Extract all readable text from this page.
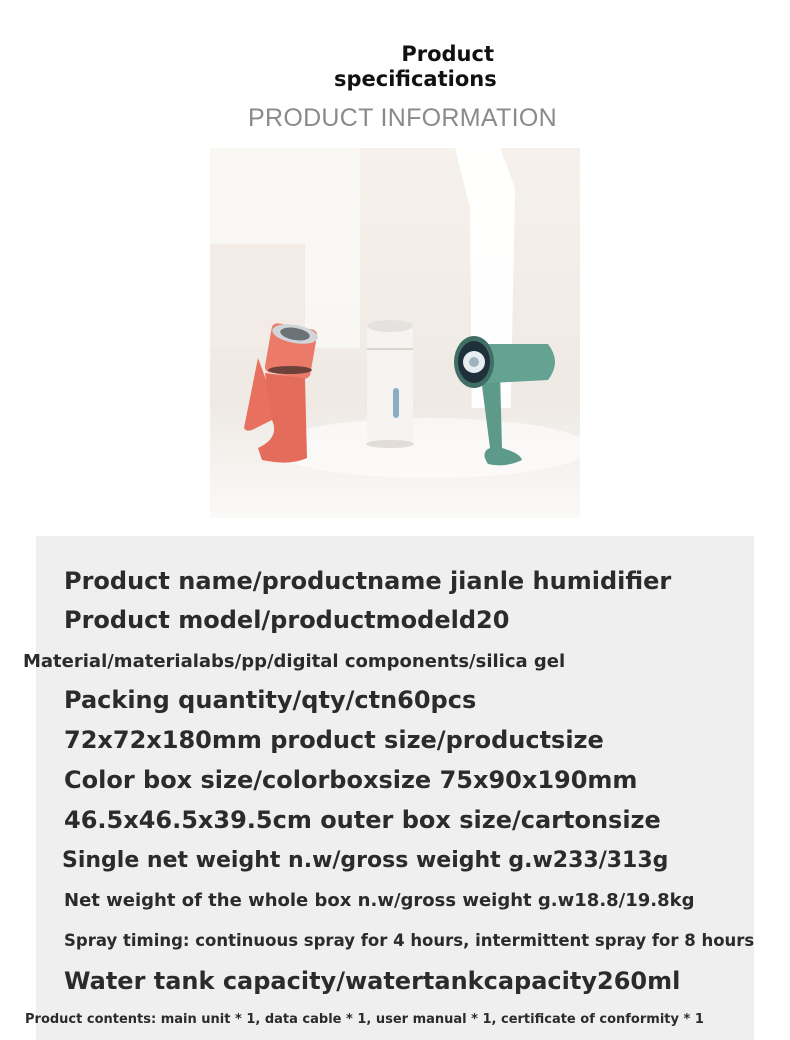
Product
specifications
PRODUCT INFORMATION
Product name/productname jianle humidifier
Product model/productmodeld20
Material/materialabs/pp/digital components/silica gel
Packing quantity/qty/ctn60pcs
72x72x180mm product size/productsize
Color box size/colorboxsize 75x90x190mm
46.5x46.5x39.5cm outer box size/cartonsize
Single net weight n.w/gross weight g.w233/313g
Net weight of the whole box n.w/gross weight g.w18.8/19.8kg
Spray timing: continuous spray for 4 hours, intermittent spray for 8 hours
Water tank capacity/watertankcapacity260ml
Product contents: main unit * 1, data cable * 1, user manual * 1, certificate of conformity * 1
